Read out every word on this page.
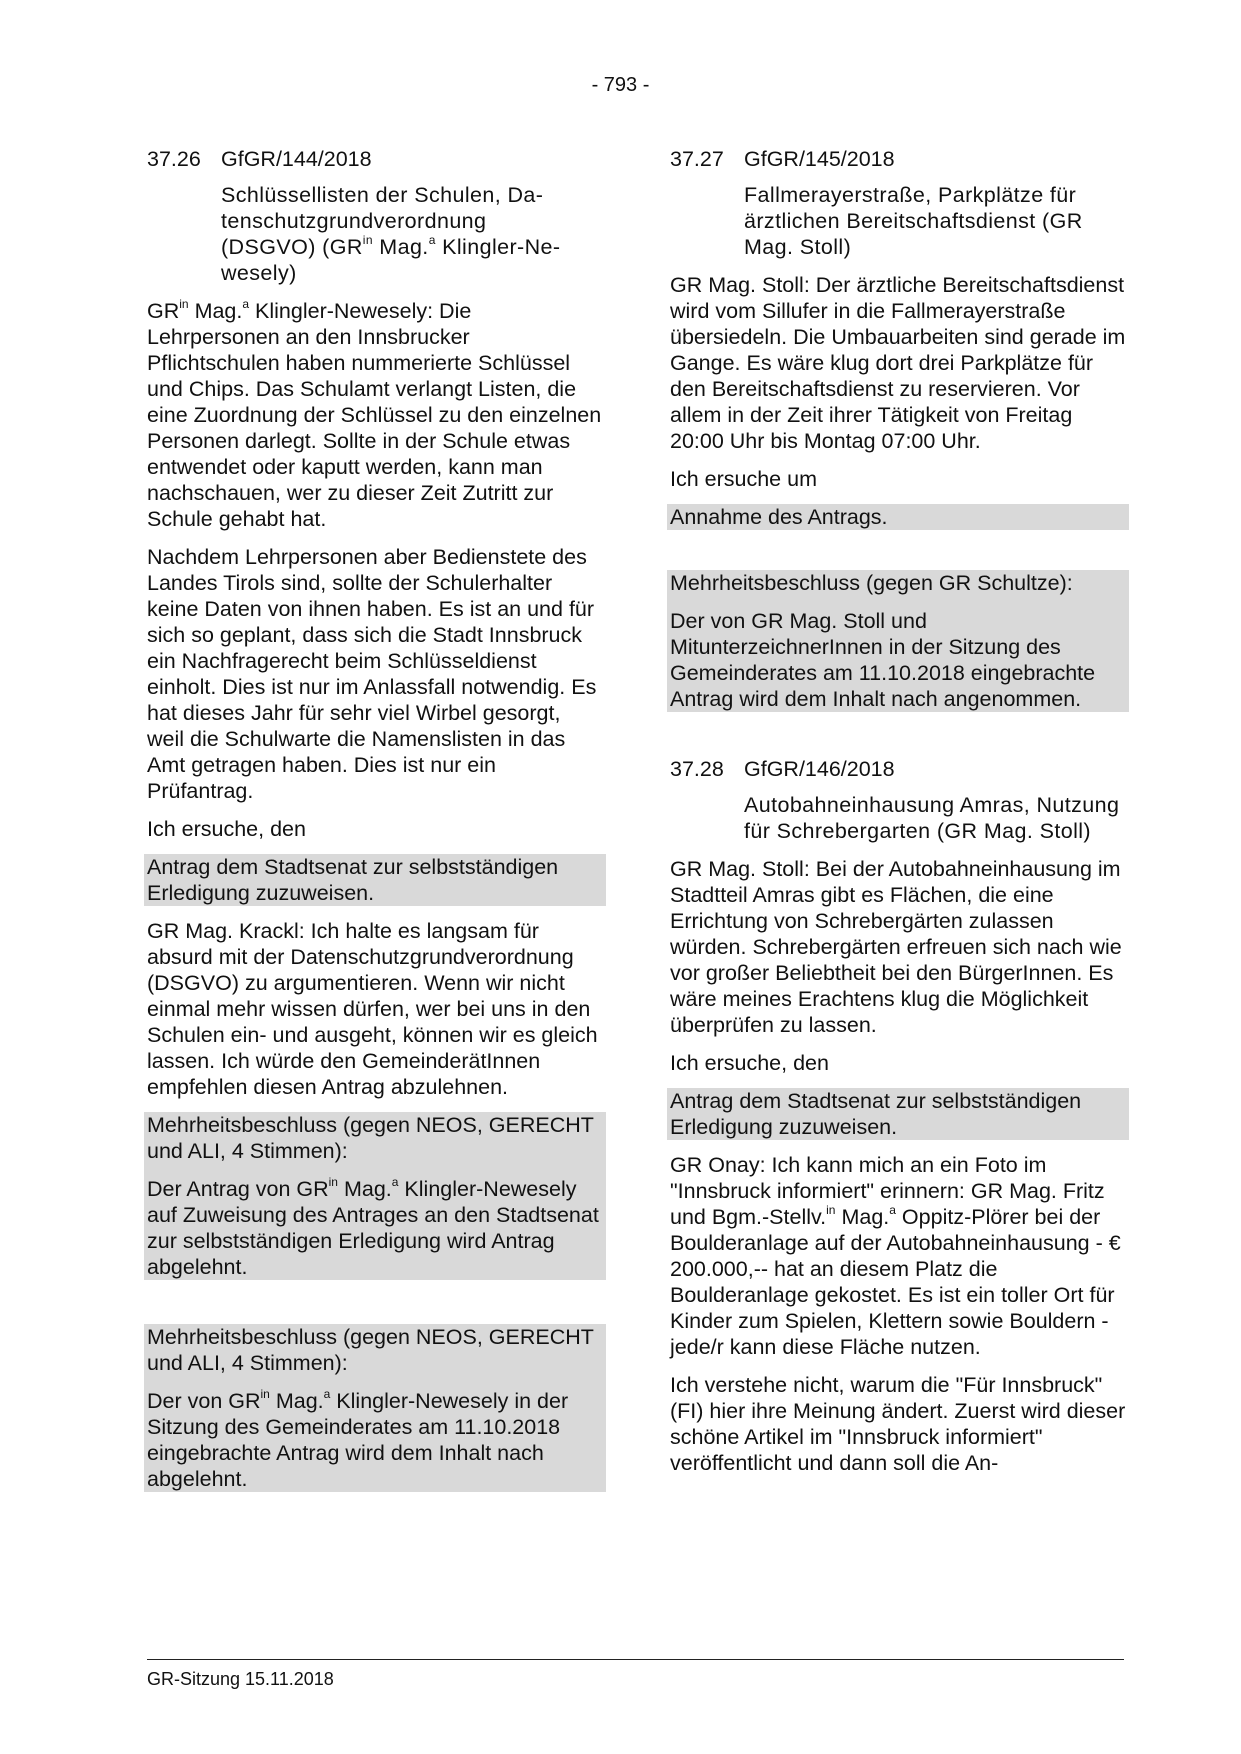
- 793 -
37.26 GfGR/144/2018
Schlüssellisten der Schulen, Da-
tenschutzgrundverordnung
(DSGVO) ($GR^{in}$ Mag.$^a$ Klingler-Ne-
wesely)

$GR^{in}$ Mag.$^a$ Klingler-Newesely: Die Lehrpersonen an den Innsbrucker Pflichtschulen haben nummerierte Schlüssel und Chips. Das Schulamt verlangt Listen, die eine Zuordnung der Schlüssel zu den einzelnen Personen darlegt. Sollte in der Schule etwas entwendet oder kaputt werden, kann man nachschauen, wer zu dieser Zeit Zutritt zur Schule gehabt hat.

Nachdem Lehrpersonen aber Bedienstete des Landes Tirols sind, sollte der Schulerhalter keine Daten von ihnen haben. Es ist an und für sich so geplant, dass sich die Stadt Innsbruck ein Nachfragerecht beim Schlüsseldienst einholt. Dies ist nur im Anlassfall notwendig. Es hat dieses Jahr für sehr viel Wirbel gesorgt, weil die Schulwarte die Namenslisten in das Amt getragen haben. Dies ist nur ein Prüfantrag.

Ich ersuche, den

Antrag dem Stadtsenat zur selbstständigen Erledigung zuzuweisen.

GR Mag. Krackl: Ich halte es langsam für absurd mit der Datenschutzgrundverordnung (DSGVO) zu argumentieren. Wenn wir nicht einmal mehr wissen dürfen, wer bei uns in den Schulen ein- und ausgeht, können wir es gleich lassen. Ich würde den GemeinderätInnen empfehlen diesen Antrag abzulehnen.

Mehrheitsbeschluss (gegen NEOS, GERECHT und ALI, 4 Stimmen):

Der Antrag von $GR^{in}$ Mag.$^a$ Klingler-Newesely auf Zuweisung des Antrages an den Stadtsenat zur selbstständigen Erledigung wird Antrag abgelehnt.

Mehrheitsbeschluss (gegen NEOS, GERECHT und ALI, 4 Stimmen):

Der von $GR^{in}$ Mag.$^a$ Klingler-Newesely in der Sitzung des Gemeinderates am 11.10.2018 eingebrachte Antrag wird dem Inhalt nach abgelehnt.

37.27 GfGR/145/2018
Fallmerayerstraße, Parkplätze für ärztlichen Bereitschaftsdienst (GR Mag. Stoll)

GR Mag. Stoll: Der ärztliche Bereitschaftsdienst wird vom Sillufer in die Fallmerayerstraße übersiedeln. Die Umbauarbeiten sind gerade im Gange. Es wäre klug dort drei Parkplätze für den Bereitschaftsdienst zu reservieren. Vor allem in der Zeit ihrer Tätigkeit von Freitag 20:00 Uhr bis Montag 07:00 Uhr.

Ich ersuche um

Annahme des Antrags.

Mehrheitsbeschluss (gegen GR Schultze):

Der von GR Mag. Stoll und MitunterzeichnerInnen in der Sitzung des Gemeinderates am 11.10.2018 eingebrachte Antrag wird dem Inhalt nach angenommen.

37.28 GfGR/146/2018
Autobahneinhausung Amras, Nutzung für Schrebergarten (GR Mag. Stoll)

GR Mag. Stoll: Bei der Autobahneinhausung im Stadtteil Amras gibt es Flächen, die eine Errichtung von Schrebergärten zulassen würden. Schrebergärten erfreuen sich nach wie vor großer Beliebtheit bei den BürgerInnen. Es wäre meines Erachtens klug die Möglichkeit überprüfen zu lassen.

Ich ersuche, den

Antrag dem Stadtsenat zur selbstständigen Erledigung zuzuweisen.

GR Onay: Ich kann mich an ein Foto im "Innsbruck informiert" erinnern: GR Mag. Fritz und Bgm.-Stellv.$^{in}$ Mag.$^a$ Oppitz-Plörer bei der Boulderanlage auf der Autobahneinhausung - € 200.000,-- hat an diesem Platz die Boulderanlage gekostet. Es ist ein toller Ort für Kinder zum Spielen, Klettern sowie Bouldern - jede/r kann diese Fläche nutzen.

Ich verstehe nicht, warum die "Für Innsbruck" (FI) hier ihre Meinung ändert. Zuerst wird dieser schöne Artikel im "Innsbruck informiert" veröffentlicht und dann soll die An-

GR-Sitzung 15.11.2018
